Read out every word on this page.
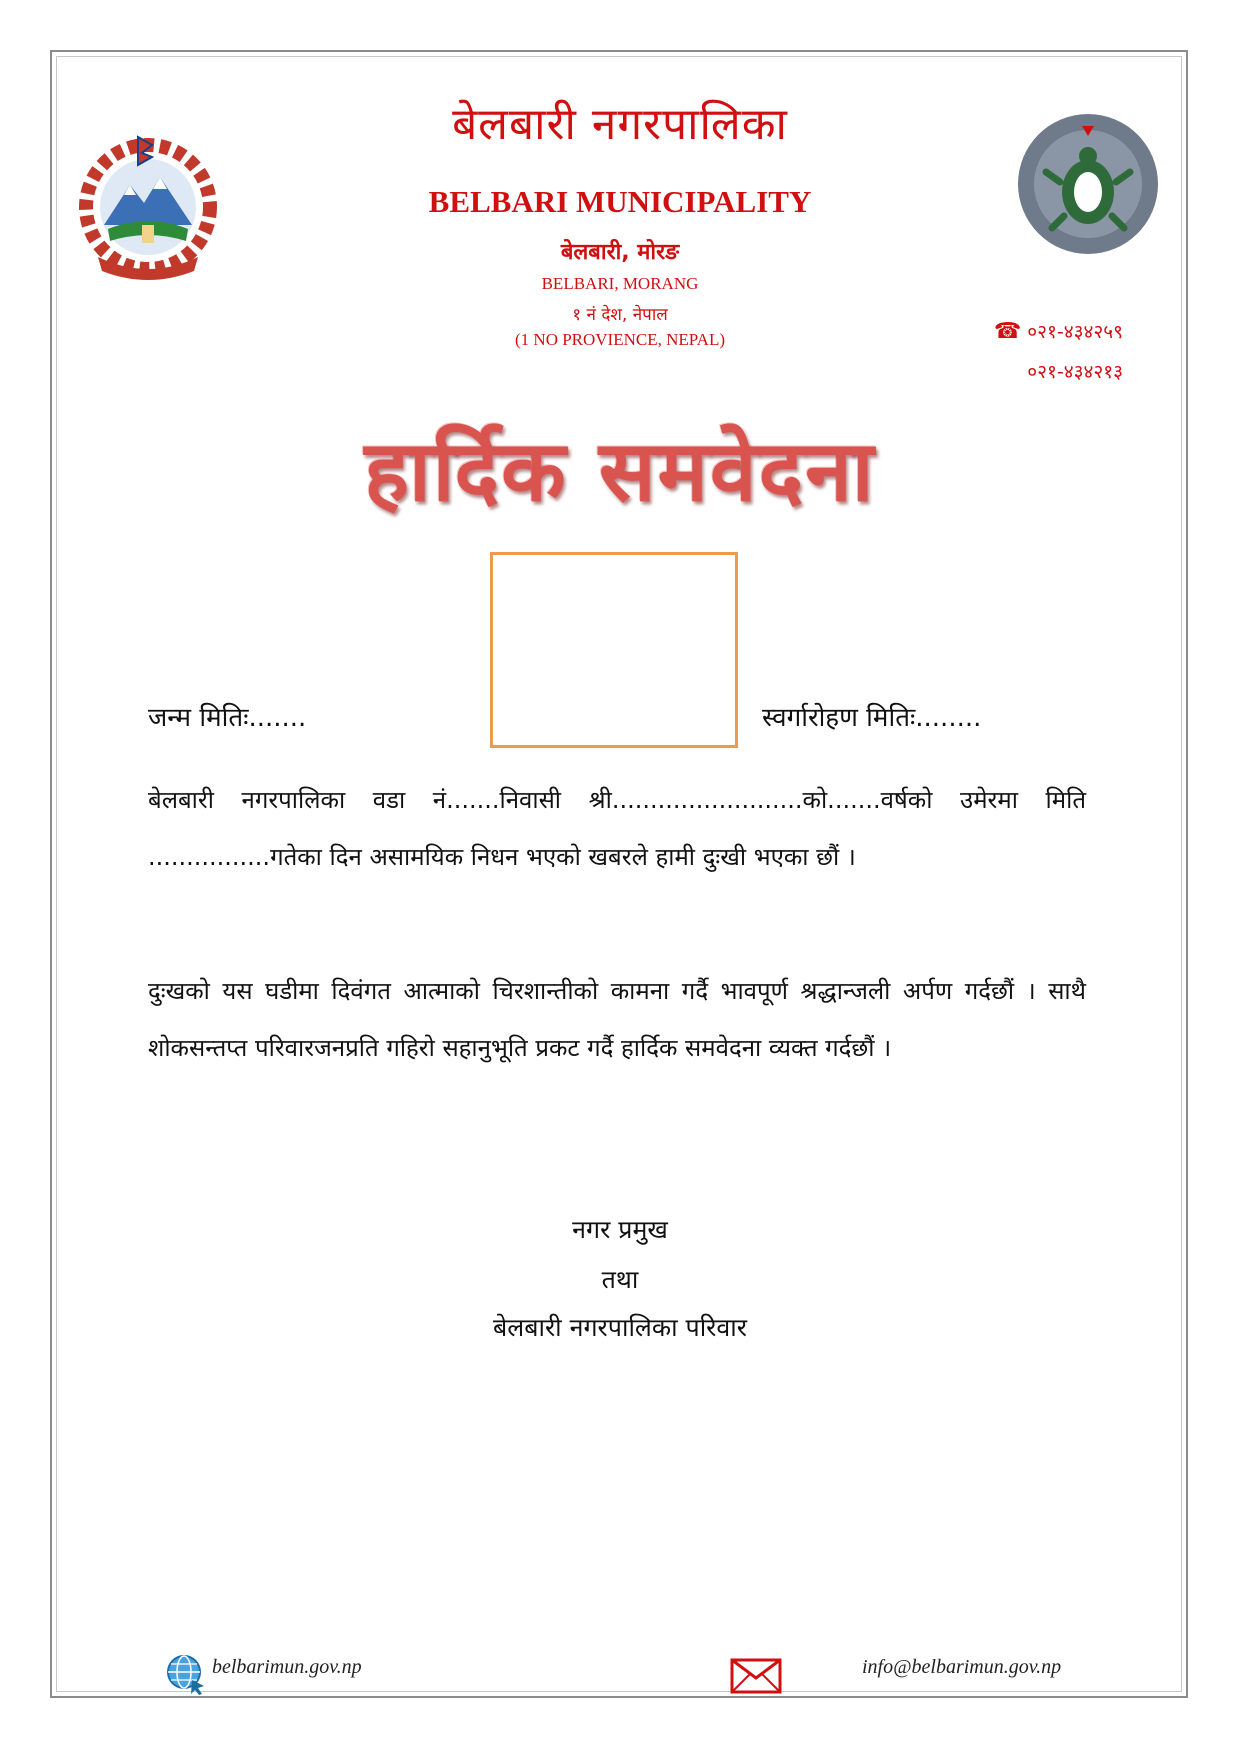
बेलबारी नगरपालिका
BELBARI MUNICIPALITY
बेलबारी, मोरङ
BELBARI, MORANG
१ नं देश, नेपाल
(1 NO PROVIENCE, NEPAL)	☎ ०२१-४३४२५९
०२१-४३४२१३
हार्दिक समवेदना
जन्म मितिः.......	स्वर्गारोहण मितिः........
बेलबारी नगरपालिका वडा नं.......निवासी श्री.........................को.......वर्षको उमेरमा मिति ................गतेका दिन असामयिक निधन भएको खबरले हामी दुःखी भएका छौं ।
दुःखको यस घडीमा दिवंगत आत्माको चिरशान्तीको कामना गर्दै भावपूर्ण श्रद्धान्जली अर्पण गर्दछौं । साथै शोकसन्तप्त परिवारजनप्रति गहिरो सहानुभूति प्रकट गर्दै हार्दिक समवेदना व्यक्त गर्दछौं ।
नगर प्रमुख
तथा
बेलबारी नगरपालिका परिवार
belbarimun.gov.np	info@belbarimun.gov.np
